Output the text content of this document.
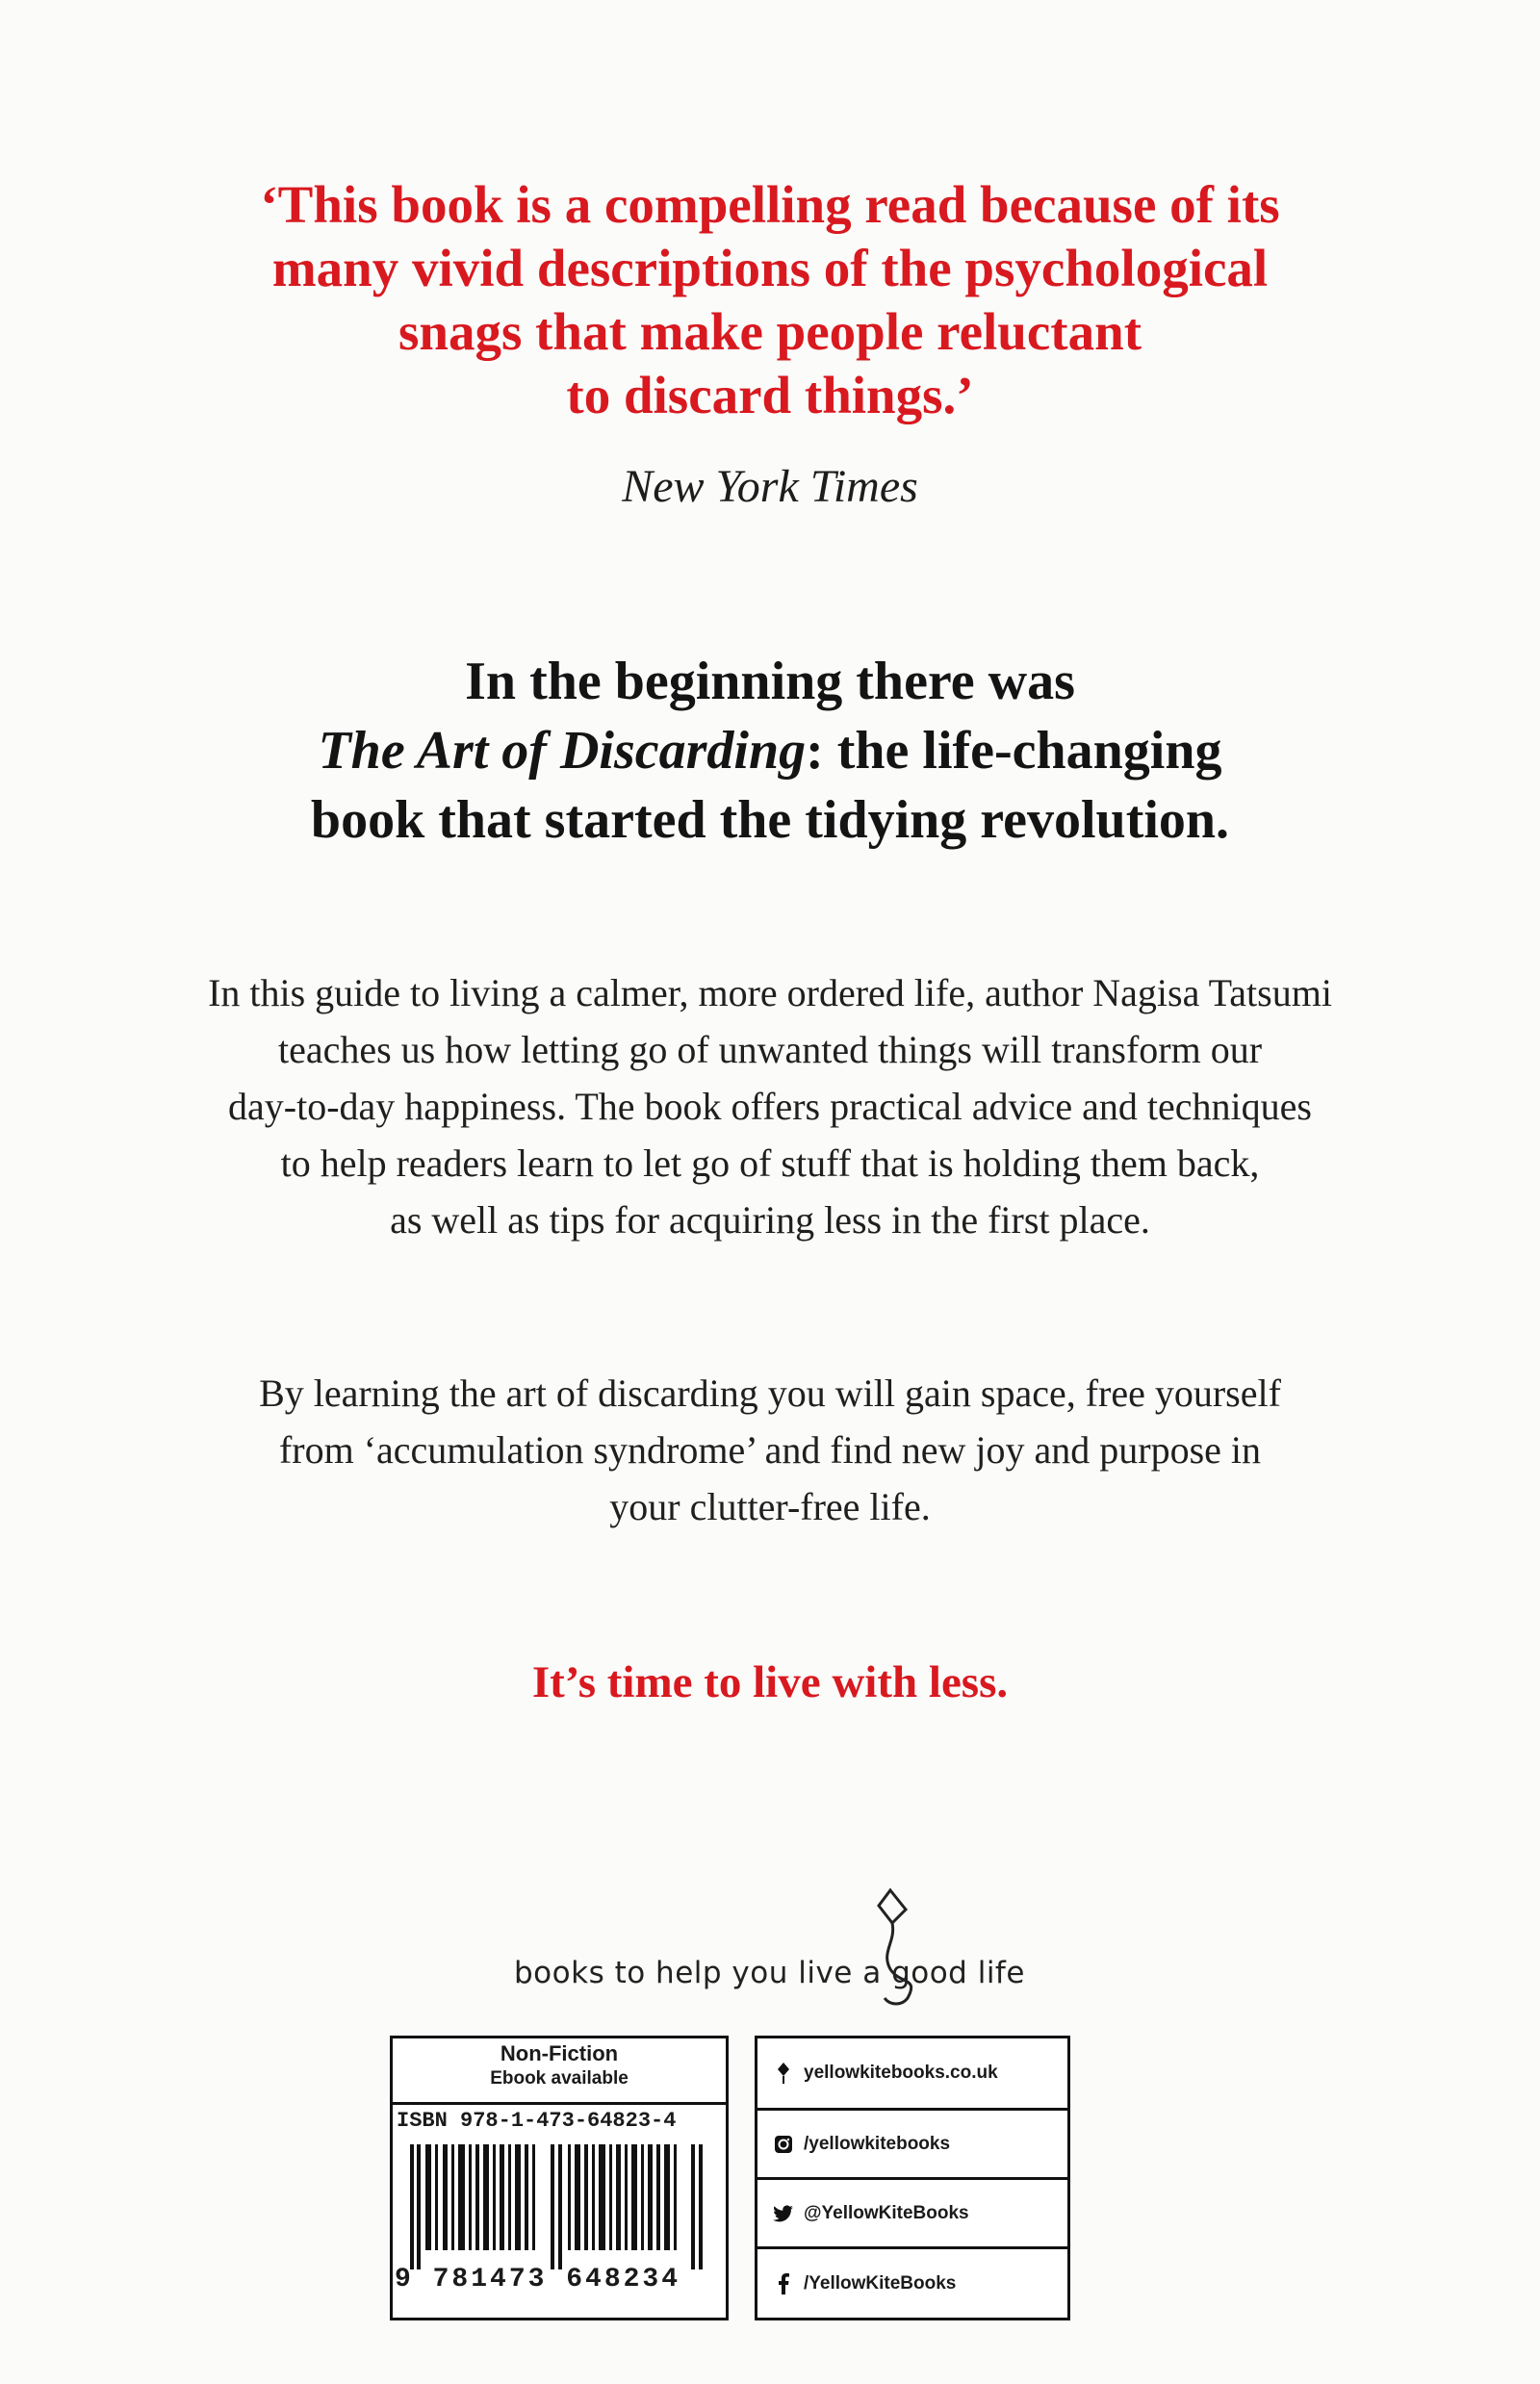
‘This book is a compelling read because of its
many vivid descriptions of the psychological
snags that make people reluctant
to discard things.’
New York Times
In the beginning there was
The Art of Discarding: the life-changing
book that started the tidying revolution.
In this guide to living a calmer, more ordered life, author Nagisa Tatsumi
teaches us how letting go of unwanted things will transform our
day-to-day happiness. The book offers practical advice and techniques
to help readers learn to let go of stuff that is holding them back,
as well as tips for acquiring less in the first place.
By learning the art of discarding you will gain space, free yourself
from ‘accumulation syndrome’ and find new joy and purpose in
your clutter-free life.
It’s time to live with less.
books to help you live a good life
Non-Fiction
Ebook available
ISBN 978-1-473-64823-4
9 781473 648234
yellowkitebooks.co.uk
/yellowkitebooks
@YellowKiteBooks
/YellowKiteBooks
